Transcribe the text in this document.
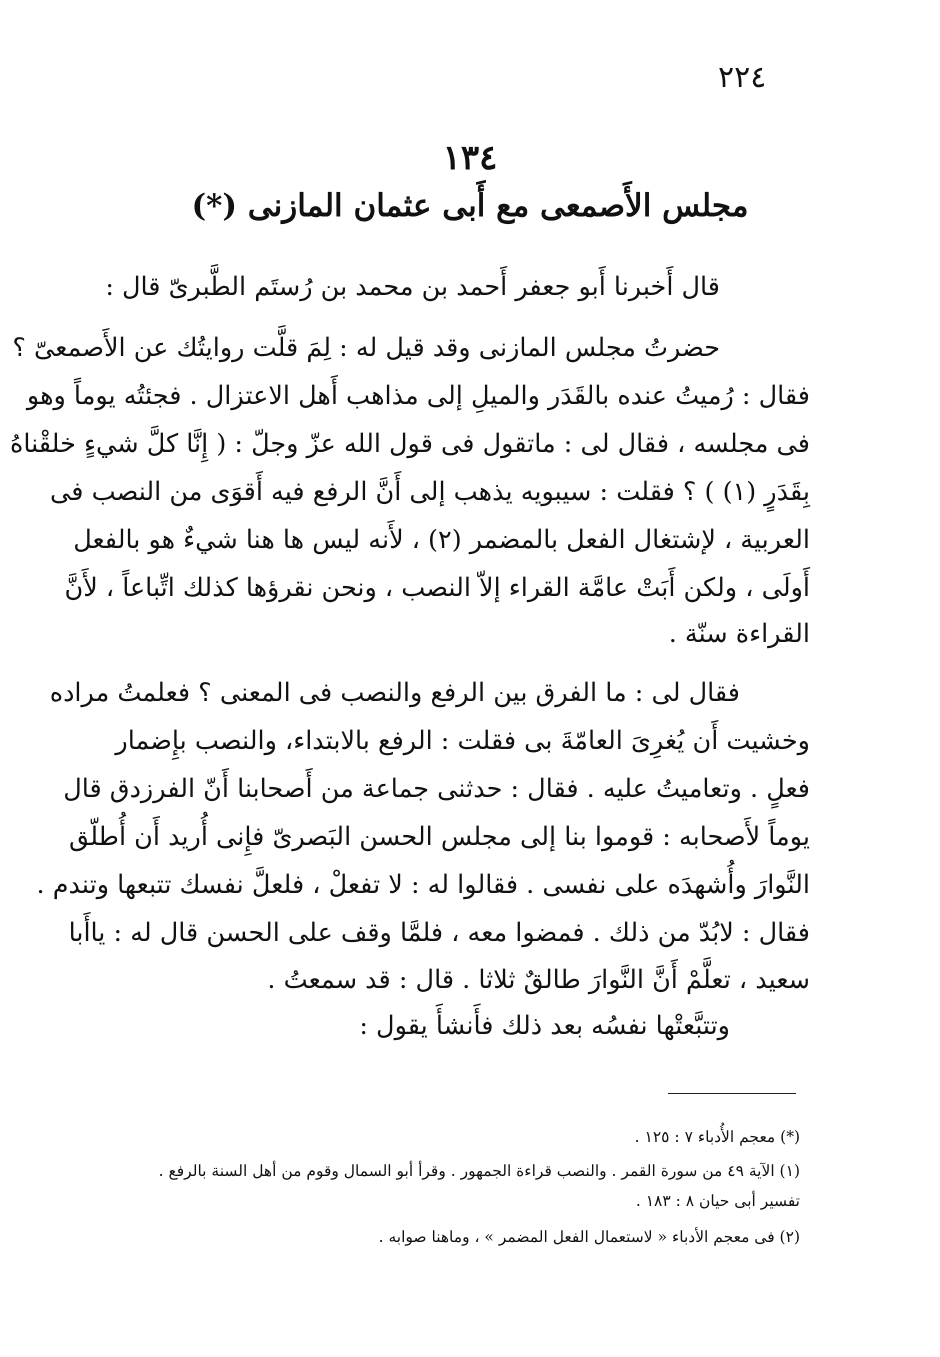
٢٢٤
١٣٤
مجلس الأَصمعى مع أَبى عثمان المازنى (*)
قال أَخبرنا أَبو جعفر أَحمد بن محمد بن رُستَم الطَّبرىّ قال :
حضرتُ مجلس المازنى وقد قيل له : لِمَ قلَّت روايتُك عن الأَصمعىّ ؟
فقال : رُميتُ عنده بالقَدَر والميلِ إلى مذاهب أَهل الاعتزال . فجئتُه يوماً وهو
فى مجلسه ، فقال لى : ماتقول فى قول الله عزّ وجلّ : ( إِنَّا كلَّ شيءٍ خلقْناهُ
بِقَدَرٍ (١) ) ؟ فقلت : سيبويه يذهب إلى أَنَّ الرفع فيه أَقوَى من النصب فى
العربية ، لإشتغال الفعل بالمضمر (٢) ، لأَنه ليس ها هنا شيءٌ هو بالفعل
أَولَى ، ولكن أَبَتْ عامَّة القراء إلاّ النصب ، ونحن نقرؤها كذلك اتِّباعاً ، لأَنَّ
القراءة سنّة .
فقال لى : ما الفرق بين الرفع والنصب فى المعنى ؟ فعلمتُ مراده
وخشيت أَن يُغرِىَ العامّةَ بى فقلت : الرفع بالابتداء، والنصب بإِضمار
فعلٍ . وتعاميتُ عليه . فقال : حدثنى جماعة من أَصحابنا أَنّ الفرزدق قال
يوماً لأَصحابه : قوموا بنا إلى مجلس الحسن البَصرىّ فإِنى أُريد أَن أُطلّق
النَّوارَ وأُشهدَه على نفسى . فقالوا له : لا تفعلْ ، فلعلَّ نفسك تتبعها وتندم .
فقال : لابُدّ من ذلك . فمضوا معه ، فلمَّا وقف على الحسن قال له : ياأَبا
سعيد ، تعلَّمْ أَنَّ النَّوارَ طالقٌ ثلاثا . قال : قد سمعتُ .
وتتبَّعتْها نفسُه بعد ذلك فأَنشأَ يقول :
(*) معجم الأُدباء ٧ : ١٢٥ .
(١) الآية ٤٩ من سورة القمر . والنصب قراءة الجمهور . وقرأ أبو السمال وقوم من أهل السنة بالرفع .
تفسير أبى حيان ٨ : ١٨٣ .
(٢) فى معجم الأدباء « لاستعمال الفعل المضمر » ، وماهنا صوابه .
